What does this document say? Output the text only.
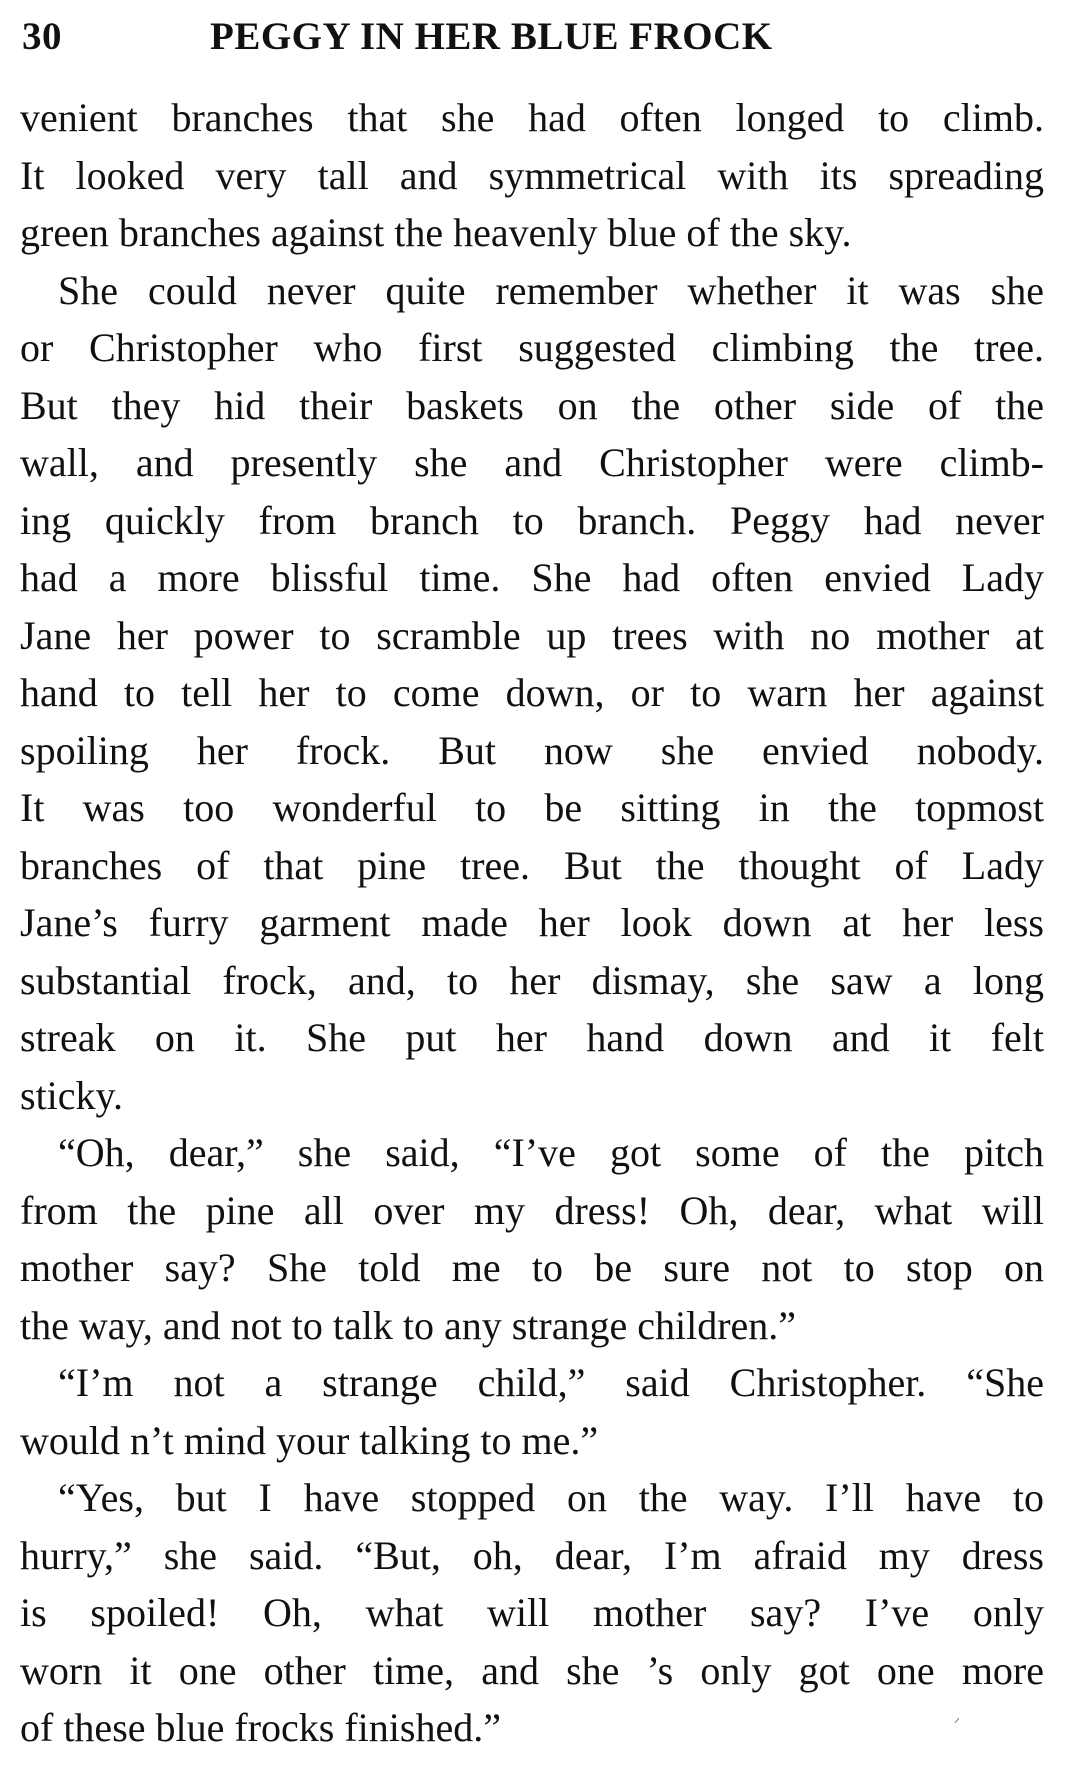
30	PEGGY IN HER BLUE FROCK
venient branches that she had often longed to climb.
It looked very tall and symmetrical with its spreading
green branches against the heavenly blue of the sky.
She could never quite remember whether it was she
or Christopher who first suggested climbing the tree.
But they hid their baskets on the other side of the
wall, and presently she and Christopher were climb-
ing quickly from branch to branch. Peggy had never
had a more blissful time. She had often envied Lady
Jane her power to scramble up trees with no mother at
hand to tell her to come down, or to warn her against
spoiling her frock. But now she envied nobody.
It was too wonderful to be sitting in the topmost
branches of that pine tree. But the thought of Lady
Jane’s furry garment made her look down at her less
substantial frock, and, to her dismay, she saw a long
streak on it. She put her hand down and it felt
sticky.
“Oh, dear,” she said, “I’ve got some of the pitch
from the pine all over my dress! Oh, dear, what will
mother say? She told me to be sure not to stop on
the way, and not to talk to any strange children.”
“I’m not a strange child,” said Christopher. “She
would n’t mind your talking to me.”
“Yes, but I have stopped on the way. I’ll have to
hurry,” she said. “But, oh, dear, I’m afraid my dress
is spoiled! Oh, what will mother say? I’ve only
worn it one other time, and she ’s only got one more
of these blue frocks finished.”
